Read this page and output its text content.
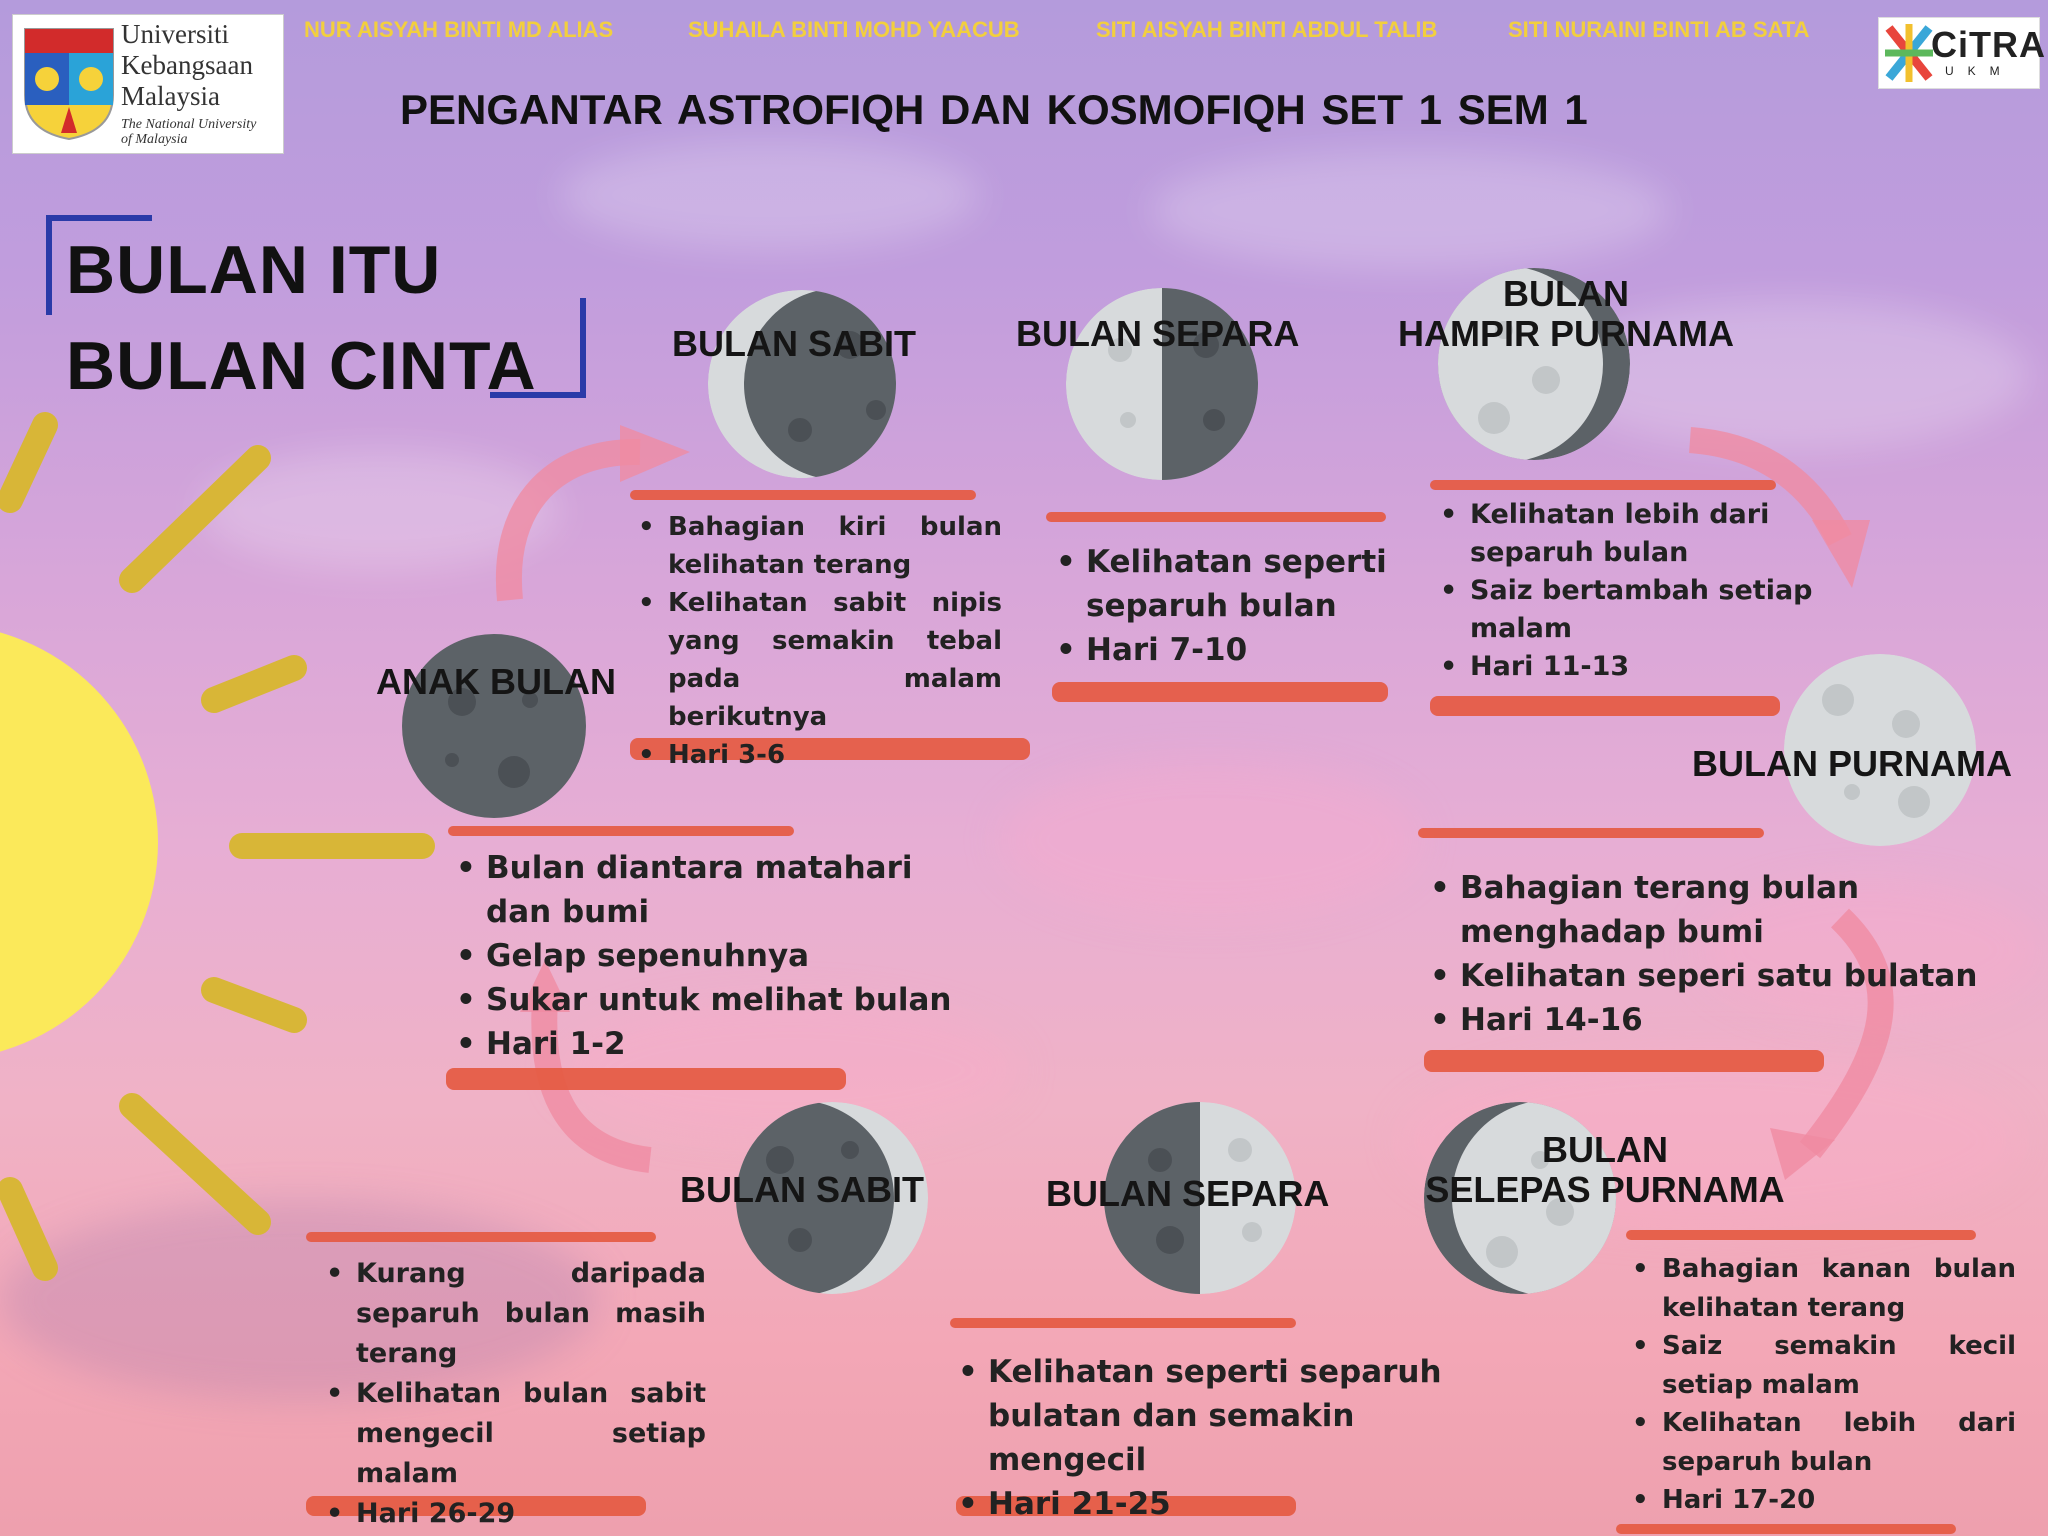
Universiti
Kebangsaan
Malaysia
The National University
of Malaysia
NUR AISYAH BINTI MD ALIAS	SUHAILA BINTI MOHD YAACUB	SITI AISYAH BINTI ABDUL TALIB	SITI NURAINI BINTI AB SATA	CiTRA
UKM
PENGANTAR ASTROFIQH DAN KOSMOFIQH SET 1 SEM 1
BULAN ITU
BULAN CINTA
ANAK BULAN
• Bulan diantara matahari dan bumi
• Gelap sepenuhnya
• Sukar untuk melihat bulan
• Hari 1-2
BULAN SABIT
• Bahagian kiri bulan kelihatan terang
• Kelihatan sabit nipis yang semakin tebal pada malam berikutnya
• Hari 3-6
BULAN SEPARA
• Kelihatan seperti separuh bulan
• Hari 7-10
BULAN
HAMPIR PURNAMA
• Kelihatan lebih dari separuh bulan
• Saiz bertambah setiap malam
• Hari 11-13
BULAN PURNAMA
• Bahagian terang bulan menghadap bumi
• Kelihatan seperi satu bulatan
• Hari 14-16
BULAN
SELEPAS PURNAMA
• Bahagian kanan bulan kelihatan terang
• Saiz semakin kecil setiap malam
• Kelihatan lebih dari separuh bulan
• Hari 17-20
BULAN SEPARA
• Kelihatan seperti separuh bulatan dan semakin mengecil
• Hari 21-25
BULAN SABIT
• Kurang daripada separuh bulan masih terang
• Kelihatan bulan sabit mengecil setiap malam
• Hari 26-29
